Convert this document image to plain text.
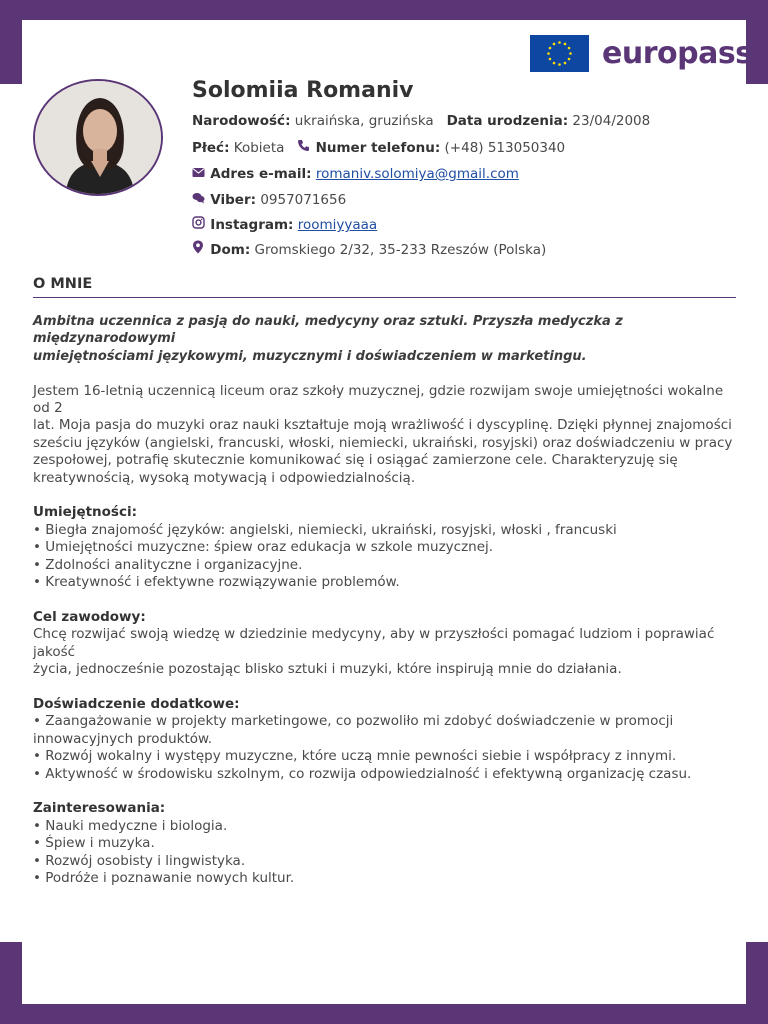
europass
Solomiia Romaniv
Narodowość: ukraińska, gruzińska Data urodzenia: 23/04/2008
Płeć: Kobieta Numer telefonu: (+48) 513050340
Adres e-mail: romaniv.solomiya@gmail.com
Viber: 0957071656
Instagram: roomiyyaaa
Dom: Gromskiego 2/32, 35-233 Rzeszów (Polska)
O MNIE

Ambitna uczennica z pasją do nauki, medycyny oraz sztuki. Przyszła medyczka z międzynarodowymi

umiejętnościami językowymi, muzycznymi i doświadczeniem w marketingu.

Jestem 16-letnią uczennicą liceum oraz szkoły muzycznej, gdzie rozwijam swoje umiejętności wokalne od 2

lat. Moja pasja do muzyki oraz nauki kształtuje moją wrażliwość i dyscyplinę. Dzięki płynnej znajomości

sześciu języków (angielski, francuski, włoski, niemiecki, ukraiński, rosyjski) oraz doświadczeniu w pracy

zespołowej, potrafię skutecznie komunikować się i osiągać zamierzone cele. Charakteryzuję się

kreatywnością, wysoką motywacją i odpowiedzialnością.

Umiejętności:

• Biegła znajomość języków: angielski, niemiecki, ukraiński, rosyjski, włoski , francuski

• Umiejętności muzyczne: śpiew oraz edukacja w szkole muzycznej.

• Zdolności analityczne i organizacyjne.

• Kreatywność i efektywne rozwiązywanie problemów.

Cel zawodowy:

Chcę rozwijać swoją wiedzę w dziedzinie medycyny, aby w przyszłości pomagać ludziom i poprawiać jakość

życia, jednocześnie pozostając blisko sztuki i muzyki, które inspirują mnie do działania.

Doświadczenie dodatkowe:

• Zaangażowanie w projekty marketingowe, co pozwoliło mi zdobyć doświadczenie w promocji

innowacyjnych produktów.

• Rozwój wokalny i występy muzyczne, które uczą mnie pewności siebie i współpracy z innymi.

• Aktywność w środowisku szkolnym, co rozwija odpowiedzialność i efektywną organizację czasu.

Zainteresowania:

• Nauki medyczne i biologia.

• Śpiew i muzyka.

• Rozwój osobisty i lingwistyka.

• Podróże i poznawanie nowych kultur.
